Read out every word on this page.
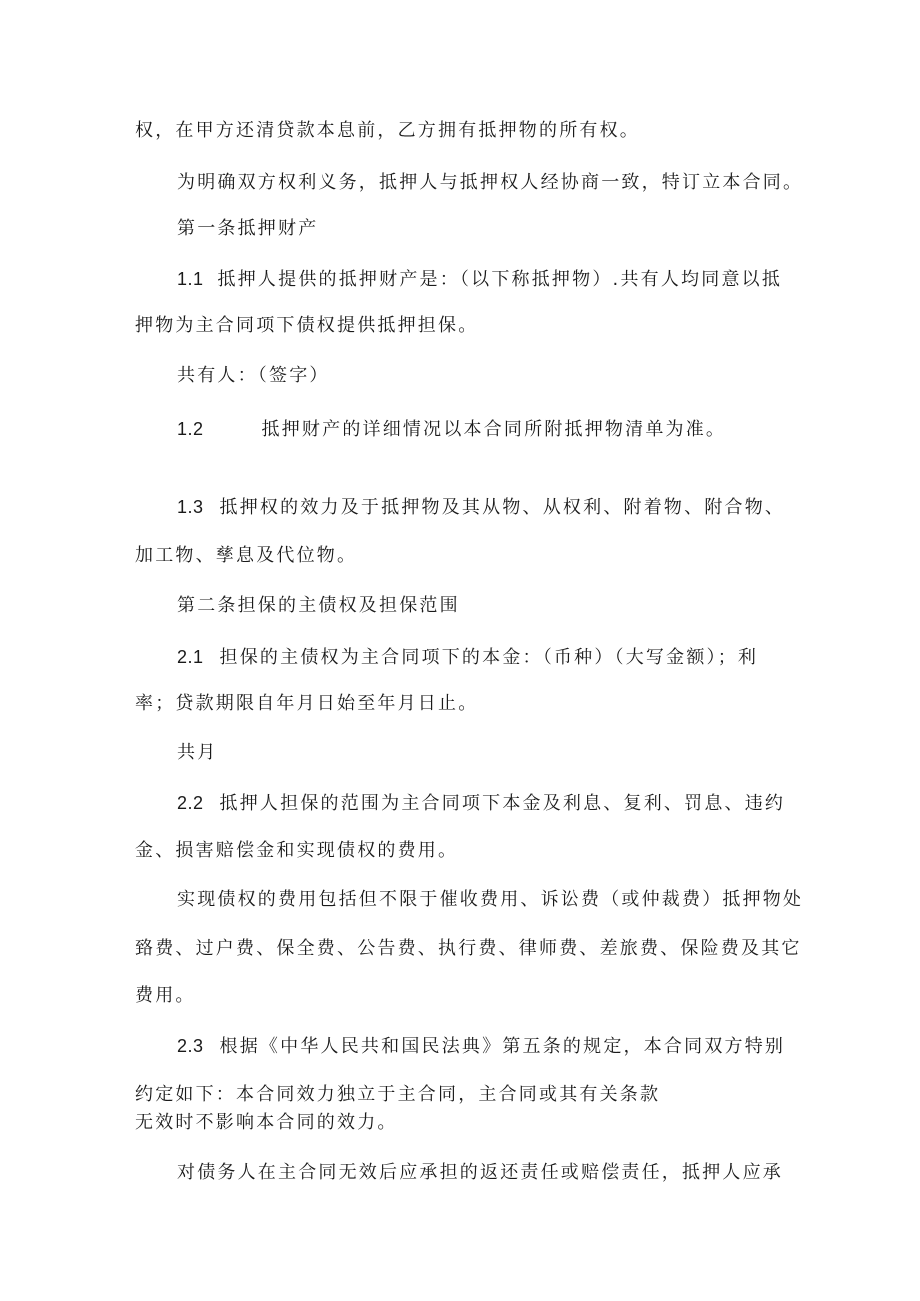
权，在甲方还清贷款本息前，乙方拥有抵押物的所有权。
为明确双方权利义务，抵押人与抵押权人经协商一致，特订立本合同。
第一条抵押财产
1.1 抵押人提供的抵押财产是：（以下称抵押物）.共有人均同意以抵
押物为主合同项下债权提供抵押担保。
共有人：（签字）
1.2	抵押财产的详细情况以本合同所附抵押物清单为准。
1.3 抵押权的效力及于抵押物及其从物、从权利、附着物、附合物、
加工物、孳息及代位物。
第二条担保的主债权及担保范围
2.1 担保的主债权为主合同项下的本金：（币种）（大写金额）；利
率；贷款期限自年月日始至年月日止。
共月
2.2 抵押人担保的范围为主合同项下本金及利息、复利、罚息、违约
金、损害赔偿金和实现债权的费用。
实现债权的费用包括但不限于催收费用、诉讼费（或仲裁费）抵押物处
臵费、过户费、保全费、公告费、执行费、律师费、差旅费、保险费及其它
费用。
2.3 根据《中华人民共和国民法典》第五条的规定，本合同双方特别
约定如下：本合同效力独立于主合同，主合同或其有关条款
无效时不影响本合同的效力。
对债务人在主合同无效后应承担的返还责任或赔偿责任，抵押人应承
